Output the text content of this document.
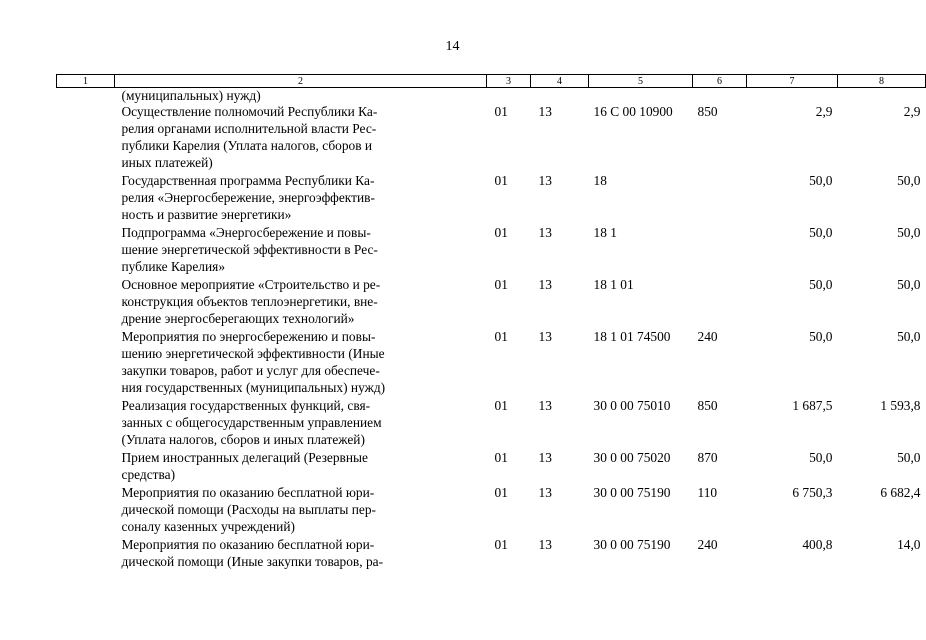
14
1	2	3	4	5	6	7	8
	(муниципальных) нужд)						
	Осуществление полномочий Республики Ка-
релия органами исполнительной власти Рес-
публики Карелия (Уплата налогов, сборов и
иных платежей)	01	13	16 С 00 10900	850	2,9	2,9
	Государственная программа Республики Ка-
релия «Энергосбережение, энергоэффектив-
ность и развитие энергетики»	01	13	18		50,0	50,0
	Подпрограмма «Энергосбережение и повы-
шение энергетической эффективности в Рес-
публике Карелия»	01	13	18 1		50,0	50,0
	Основное мероприятие «Строительство и ре-
конструкция объектов теплоэнергетики, вне-
дрение энергосберегающих технологий»	01	13	18 1 01		50,0	50,0
	Мероприятия по энергосбережению и повы-
шению энергетической эффективности (Иные
закупки товаров, работ и услуг для обеспече-
ния государственных (муниципальных) нужд)	01	13	18 1 01 74500	240	50,0	50,0
	Реализация государственных функций, свя-
занных с общегосударственным управлением
(Уплата налогов, сборов и иных платежей)	01	13	30 0 00 75010	850	1 687,5	1 593,8
	Прием иностранных делегаций (Резервные
средства)	01	13	30 0 00 75020	870	50,0	50,0
	Мероприятия по оказанию бесплатной юри-
дической помощи (Расходы на выплаты пер-
соналу казенных учреждений)	01	13	30 0 00 75190	110	6 750,3	6 682,4
	Мероприятия по оказанию бесплатной юри-
дической помощи (Иные закупки товаров, ра-	01	13	30 0 00 75190	240	400,8	14,0
